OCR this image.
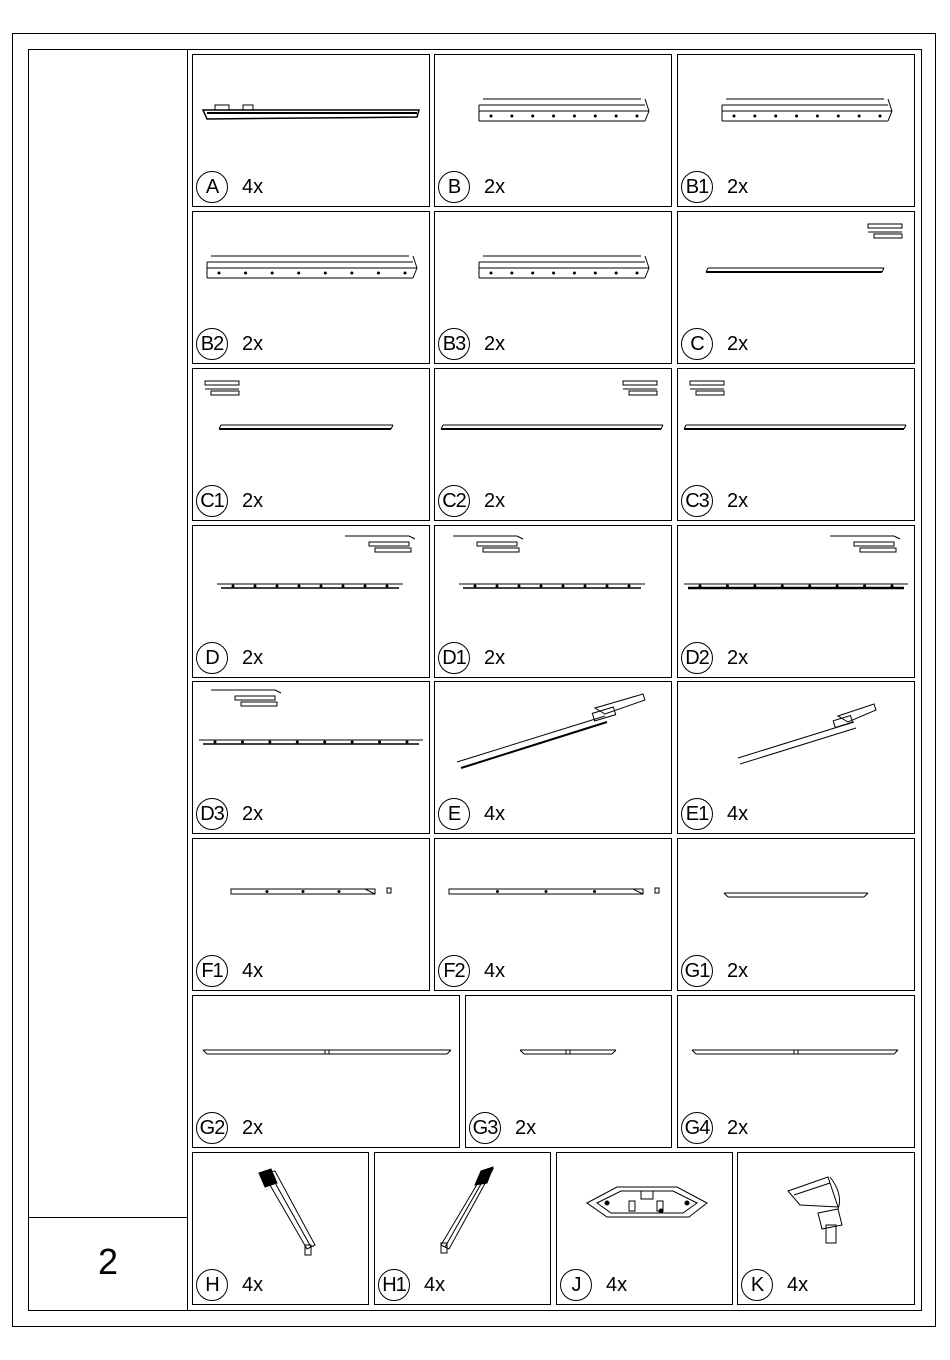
2
A	4x	B	2x	B1 2x
B2 2x	B3 2x	C	2x
C1 2x	C2 2x	C3 2x
D	2x	D1 2x	D2 2x
D3 2x	E	4x	E1 4x
F1 4x	F2 4x	G1 2x
G2 2x	G3 2x	G4 2x
H	4x	H1 4x	J	4x	K	4x
